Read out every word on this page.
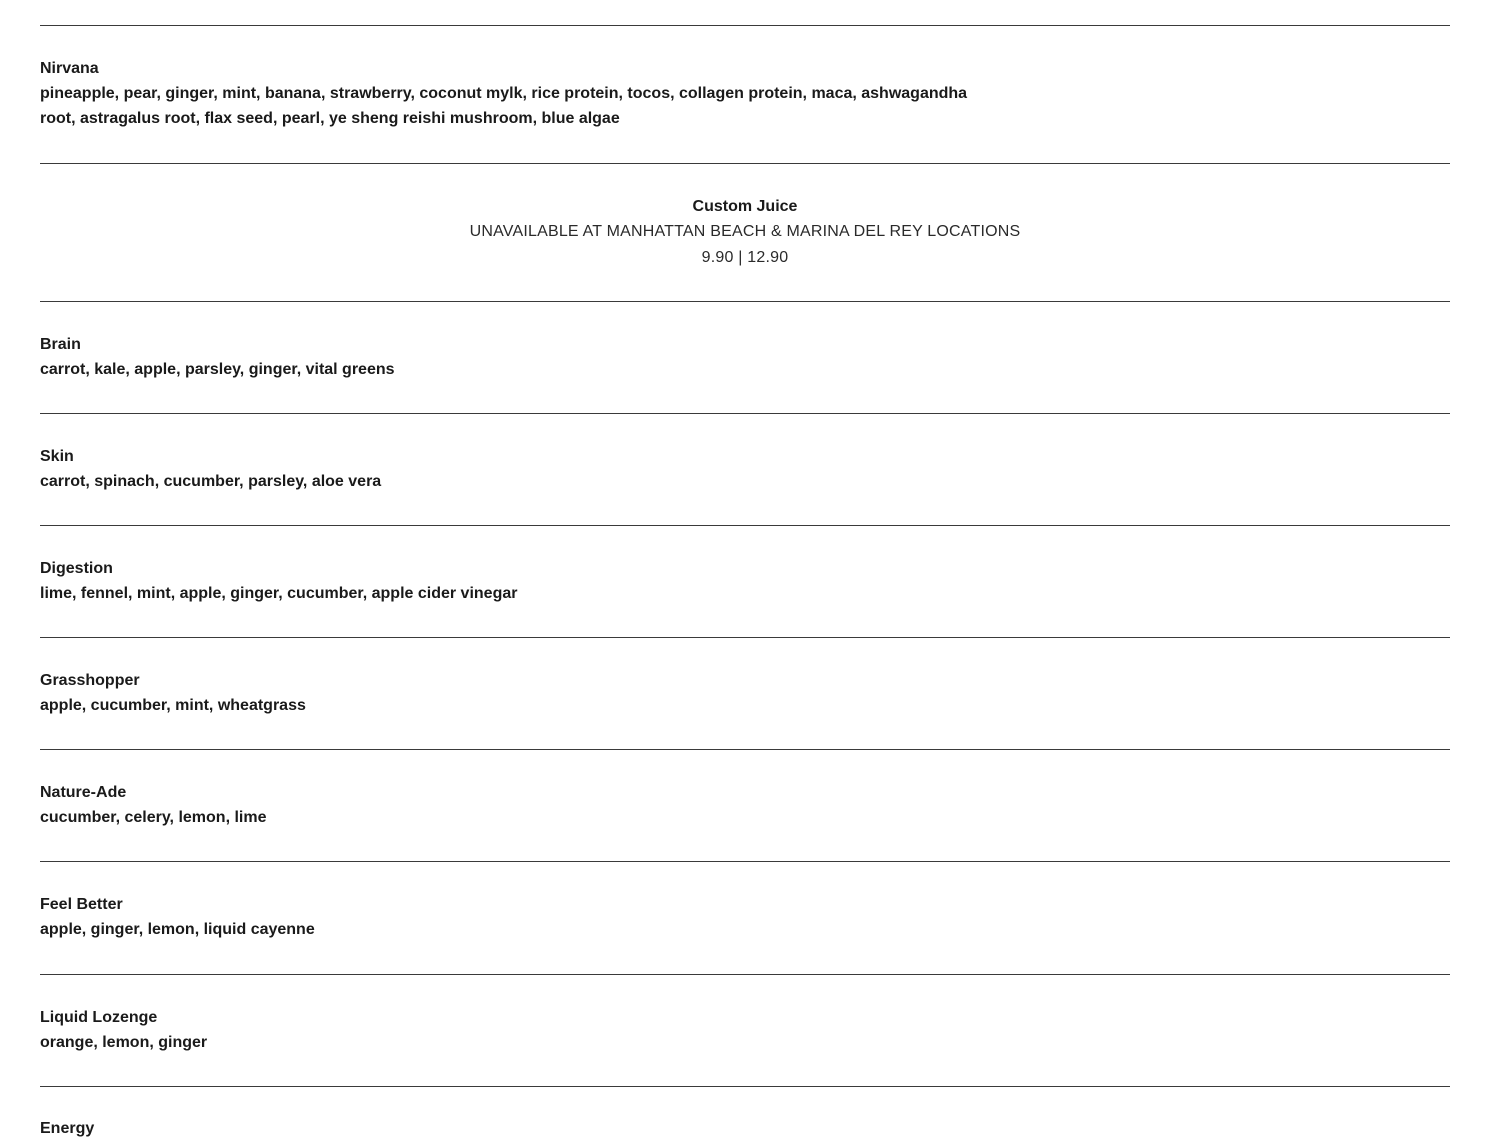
Nirvana
pineapple, pear, ginger, mint, banana, strawberry, coconut mylk, rice protein, tocos, collagen protein, maca, ashwagandha root, astragalus root, flax seed, pearl, ye sheng reishi mushroom, blue algae
Custom Juice
UNAVAILABLE AT MANHATTAN BEACH & MARINA DEL REY LOCATIONS
9.90 | 12.90
Brain
carrot, kale, apple, parsley, ginger, vital greens
Skin
carrot, spinach, cucumber, parsley, aloe vera
Digestion
lime, fennel, mint, apple, ginger, cucumber, apple cider vinegar
Grasshopper
apple, cucumber, mint, wheatgrass
Nature-Ade
cucumber, celery, lemon, lime
Feel Better
apple, ginger, lemon, liquid cayenne
Liquid Lozenge
orange, lemon, ginger
Energy
